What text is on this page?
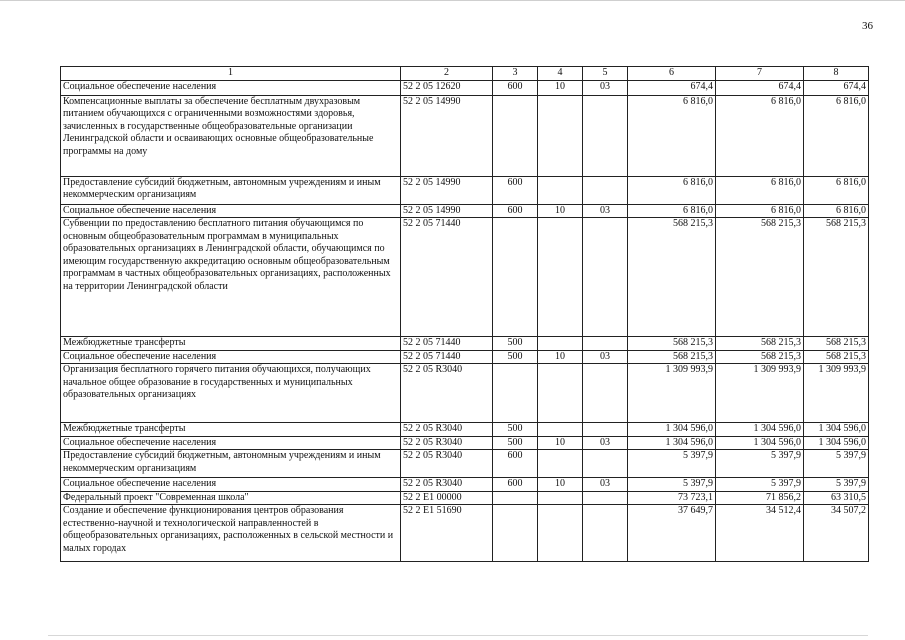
36
1	2	3	4	5	6	7	8
Социальное обеспечение населения	52 2 05 12620	600	10	03	674,4	674,4	674,4
Компенсационные выплаты за обеспечение бесплатным двухразовым питанием обучающихся с ограниченными возможностями здоровья, зачисленных в государственные общеобразовательные организации Ленинградской области и осваивающих основные общеобразовательные программы на дому	52 2 05 14990				6 816,0	6 816,0	6 816,0
Предоставление субсидий бюджетным, автономным учреждениям и иным некоммерческим организациям	52 2 05 14990	600			6 816,0	6 816,0	6 816,0
Социальное обеспечение населения	52 2 05 14990	600	10	03	6 816,0	6 816,0	6 816,0
Субвенции по предоставлению бесплатного питания обучающимся по основным общеобразовательным программам в муниципальных образовательных организациях в Ленинградской области, обучающимся по имеющим государственную аккредитацию основным общеобразовательным программам в частных общеобразовательных организациях, расположенных на территории Ленинградской области	52 2 05 71440				568 215,3	568 215,3	568 215,3
Межбюджетные трансферты	52 2 05 71440	500			568 215,3	568 215,3	568 215,3
Социальное обеспечение населения	52 2 05 71440	500	10	03	568 215,3	568 215,3	568 215,3
Организация бесплатного горячего питания обучающихся, получающих начальное общее образование в государственных и муниципальных образовательных организациях	52 2 05 R3040				1 309 993,9	1 309 993,9	1 309 993,9
Межбюджетные трансферты	52 2 05 R3040	500			1 304 596,0	1 304 596,0	1 304 596,0
Социальное обеспечение населения	52 2 05 R3040	500	10	03	1 304 596,0	1 304 596,0	1 304 596,0
Предоставление субсидий бюджетным, автономным учреждениям и иным некоммерческим организациям	52 2 05 R3040	600			5 397,9	5 397,9	5 397,9
Социальное обеспечение населения	52 2 05 R3040	600	10	03	5 397,9	5 397,9	5 397,9
Федеральный проект "Современная школа"	52 2 E1 00000				73 723,1	71 856,2	63 310,5
Создание и обеспечение функционирования центров образования естественно-научной и технологической направленностей в общеобразовательных организациях, расположенных в сельской местности и малых городах	52 2 E1 51690				37 649,7	34 512,4	34 507,2
